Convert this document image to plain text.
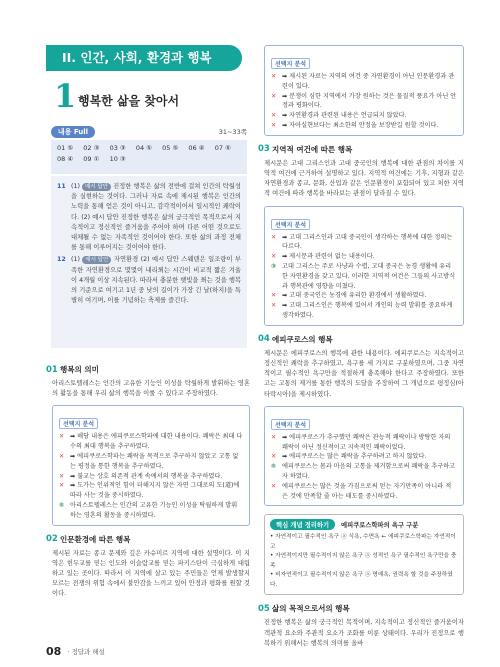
II. 인간, 사회, 환경과 행복
1 행복한 삶을 찾아서
내용 Full	31~33쪽
01 ⑤	02 ③	03 ③	04 ⑤	05 ⑤	06 ④	07 ⑤
08 ④	09 ①	10 ③
11 (1) 예시 답안 진정한 행복은 삶의 전반에 걸쳐 인간의 탁월성을 실현하는 것이다. 그러나 자료 속에 제시된 행복은 인간의 노력을 통해 얻은 것이 아니고, 감각적이어서 일시적인 쾌락이다. (2) 예시 답안 진정한 행복은 삶의 궁극적인 목적으로서 지속적이고 정신적인 즐거움을 주어야 하며 다른 어떤 것으로도 대체될 수 없는 자족적인 것이어야 한다. 또한 삶의 과정 전체를 통해 이루어지는 것이어야 한다.
12 (1) 예시 답안 자연환경 (2) 예시 답안 스웨덴은 일조량이 부족한 자연환경으로 몇몇이 내리쬐는 시간이 비교적 짧은 겨울이 4개월 이상 지속된다. 따라서 충분한 햇빛을 쬐는 것을 행복의 기준으로 여기고 1년 중 낮의 길이가 가장 긴 날(하지)을 특별히 여기며, 이를 기념하는 축제를 즐긴다.
01 행복의 의미
아리스토텔레스는 인간의 고유한 기능인 이성을 탁월하게 발휘하는 영혼의 활동을 통해 우리 삶의 행복을 이룰 수 있다고 주장하였다.
선택지 분석
✕ ➡ 해당 내용은 에피쿠로스학파에 대한 내용이다. 쾌락은 최대 다수의 최대 행복을 추구하였다.
✕ ➡ 에피쿠로스학파는 쾌락을 목적으로 추구하지 않았고 고통 없는 평정을 통한 행복을 추구하였다.
✕ ➡ 불교는 상호 의존적 관계 속에서의 행복을 추구하였다.
✕ ➡ 도가는 인위적인 힘이 더해지지 않은 자연 그대로의 도(道)에 따라 사는 것을 중시하였다.
⑤ 아리스토텔레스는 인간의 고유한 기능인 이성을 탁월하게 발휘하는 영혼의 활동을 중시하였다.
02 인문환경에 따른 행복
제시된 자료는 종교 문제와 깊은 카슈미르 지역에 대한 설명이다. 이 지역은 힌두교를 믿는 인도와 이슬람교를 믿는 파키스탄이 극심하게 대립하고 있는 곳이다. 따라서 이 지역에 살고 있는 주민들은 언제 발생할지 모르는 전쟁의 위험 속에서 불안감을 느끼고 있어 안정과 평화를 원할 것이다.
선택지 분석
✕ ➡ 제시된 자료는 지역의 여건 중 자연환경이 아닌 인문환경과 관련이 있다.
✕ ➡ 분쟁이 심한 지역에서 가장 원하는 것은 물질적 풍요가 아닌 안정과 평화이다.
✕ ➡ 자연환경과 관련된 내용은 언급되지 않았다.
✕ ➡ 자아실현보다는 최소한의 안정을 보장받길 원할 것이다.
03 지역적 여건에 따른 행복
제시문은 고대 그리스인과 고대 중국인의 행복에 대한 관점의 차이를 지역적 여건에 근거하여 설명하고 있다. 지역적 여건에는 기후, 지형과 같은 자연환경과 종교, 문화, 산업과 같은 인문환경이 포함되어 있고 처한 지역적 여건에 따라 행복을 바라보는 관점이 달라질 수 있다.
선택지 분석
✕ ➡ 고대 그리스인과 고대 중국인이 생각하는 행복에 대한 정의는 다르다.
✕ ➡ 제시문과 관련이 없는 내용이다.
③ 고대 그리스는 주로 사냥과 수렵, 고대 중국은 농경 생활에 유리한 자연환경을 갖고 있다. 이러한 지역적 여건은 그들의 사고방식과 행복관에 영향을 미쳤다.
✕ ➡ 고대 중국인은 농경에 유리한 환경에서 생활하였다.
✕ ➡ 고대 그리스인은 행복에 있어서 개인의 능력 발휘를 중요하게 생각하였다.
04 에피쿠로스의 행복
제시문은 에피쿠로스의 행복에 관한 내용이다. 에피쿠로스는 지속적이고 정신적인 쾌락을 추구하였고, 욕구를 세 가지로 구분하였으며, 그중 자연적이고 필수적인 욕구만을 적절하게 충족해야 한다고 주장하였다. 또한 고는 고통의 제거를 통한 행복의 도달을 주장하여 그 개념으로 평정심(아타락시아)을 제시하였다.
선택지 분석
✕ ➡ 에피쿠로스가 추구했던 쾌락은 관능적 쾌락이나 방탕한 자의 쾌락이 아닌 정신적이고 지속적인 쾌락이었다.
✕ ➡ 에피쿠로스는 많은 쾌락을 추구하려고 하지 않았다.
⑤ 에피쿠로스는 몸과 마음의 고통을 제거함으로써 쾌락을 추구하고자 하였다.
✕ 에피쿠로스는 많은 것을 가짐으로써 얻는 자기만족이 아니라 적은 것에 만족할 줄 아는 태도를 중시하였다.
핵심 개념 정리하기	에피쿠로스학파의 욕구 구분
• 자연적이고 필수적인 욕구 ⓐ 식욕, 수면욕 ← 에피쿠로스학파는 자연적이고
• 자연적이지만 필수적이지 않은 욕구 ⓐ 성적인 욕구 필수적인 욕구만을 충족
• 비자연적이고 필수적이지 않은 욕구 ⓐ 명예욕, 권력욕 할 것을 주장하였다.
05 삶의 목적으로서의 행복
진정한 행복은 삶의 궁극적인 목적이며, 지속적이고 정신적인 즐거움이자 객관적 요소와 주관적 요소가 조화를 이룬 상태이다. 우리가 진정으로 행복하기 위해서는 행복의 의미를 올바
08 · 정답과 해설
